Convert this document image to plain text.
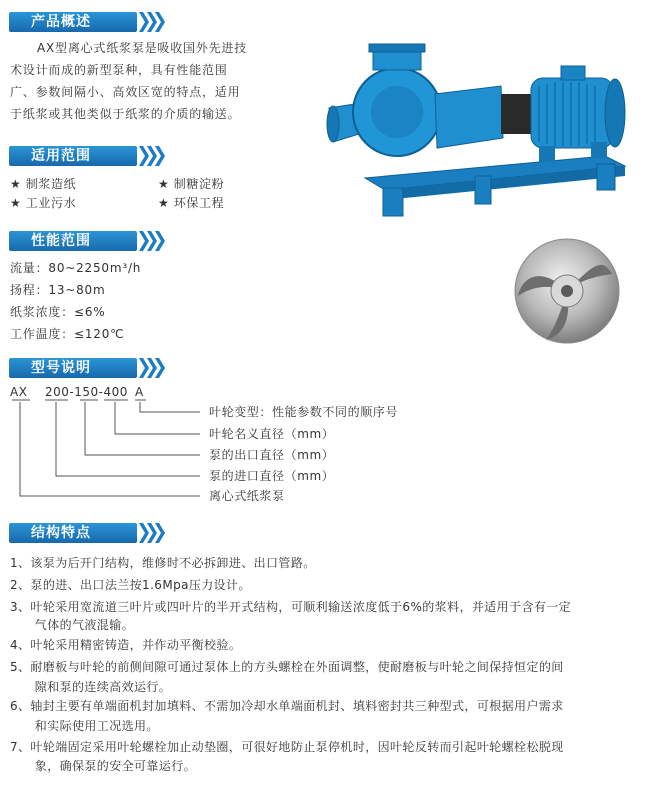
产品概述
适用范围
性能范围
型号说明
结构特点
AX型离心式纸浆泵是吸收国外先进技
术设计而成的新型泵种，具有性能范围
广、参数间隔小、高效区宽的特点，适用
于纸浆或其他类似于纸浆的介质的输送。
★ 制浆造纸	★ 制糖淀粉
★ 工业污水	★ 环保工程
流量：80~2250m³/h
扬程：13~80m
纸浆浓度：≤6%
工作温度：≤120℃
AX 200-150-400 A
叶轮变型：性能参数不同的顺序号
叶轮名义直径（mm）
泵的出口直径（mm）
泵的进口直径（mm）
离心式纸浆泵
1、该泵为后开门结构，维修时不必拆卸进、出口管路。
2、泵的进、出口法兰按1.6Mpa压力设计。
3、叶轮采用宽流道三叶片或四叶片的半开式结构，可顺利输送浓度低于6%的浆料，并适用于含有一定
　　气体的气液混输。
4、叶轮采用精密铸造，并作动平衡校验。
5、耐磨板与叶轮的前侧间隙可通过泵体上的方头螺栓在外面调整，使耐磨板与叶轮之间保持恒定的间
　　隙和泵的连续高效运行。
6、轴封主要有单端面机封加填料、不需加冷却水单端面机封、填料密封共三种型式，可根据用户需求
　　和实际使用工况选用。
7、叶轮端固定采用叶轮螺栓加止动垫圈，可很好地防止泵停机时，因叶轮反转而引起叶轮螺栓松脱现
　　象，确保泵的安全可靠运行。
